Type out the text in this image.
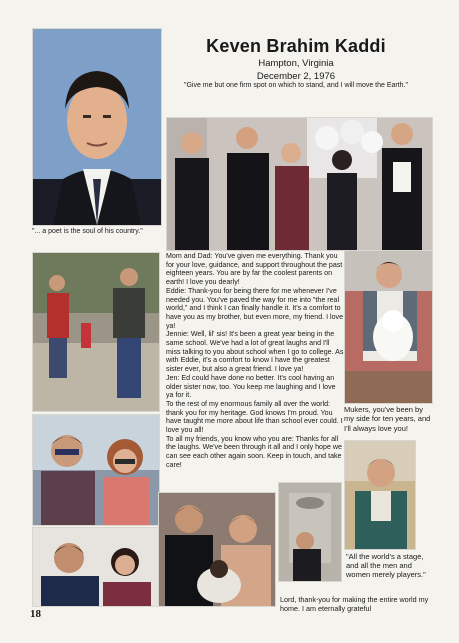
Keven Brahim Kaddi
Hampton, Virginia
December 2, 1976
"Give me but one firm spot on which to stand, and I will move the Earth."
"... a poet is the soul of his country."

Mom and Dad: You've given me everything. Thank you for your love, guidance, and support throughout the past eighteen years. You are by far the coolest parents on earth! I love you dearly!

Eddie: Thank-you for being there for me whenever I've needed you. You've paved the way for me into "the real world," and I think I can finally handle it. It's a comfort to have you as my brother, but even more, my friend. I love ya!

Jennie: Well, lil' sis! It's been a great year being in the same school. We've had a lot of great laughs and I'll miss talking to you about school when I go to college. As with Eddie, it's a comfort to know I have the greatest sister ever, but also a great friend. I love ya!

Jen: Ed could have done no better. It's cool having an older sister now, too. You keep me laughing and I love ya for it.

To the rest of my enormous family all over the world: thank you for my heritage. God knows I'm proud. You have taught me more about life than school ever could. I love you all!

To all my friends, you know who you are: Thanks for all the laughs. We've been through it all and I only hope we can see each other again soon. Keep in touch, and take care!

Mukers, you've been by my side for ten years, and I'll always love you!
"All the world's a stage, and all the men and women merely players."
Lord, thank-you for making the entire world my home. I am eternally grateful
18
